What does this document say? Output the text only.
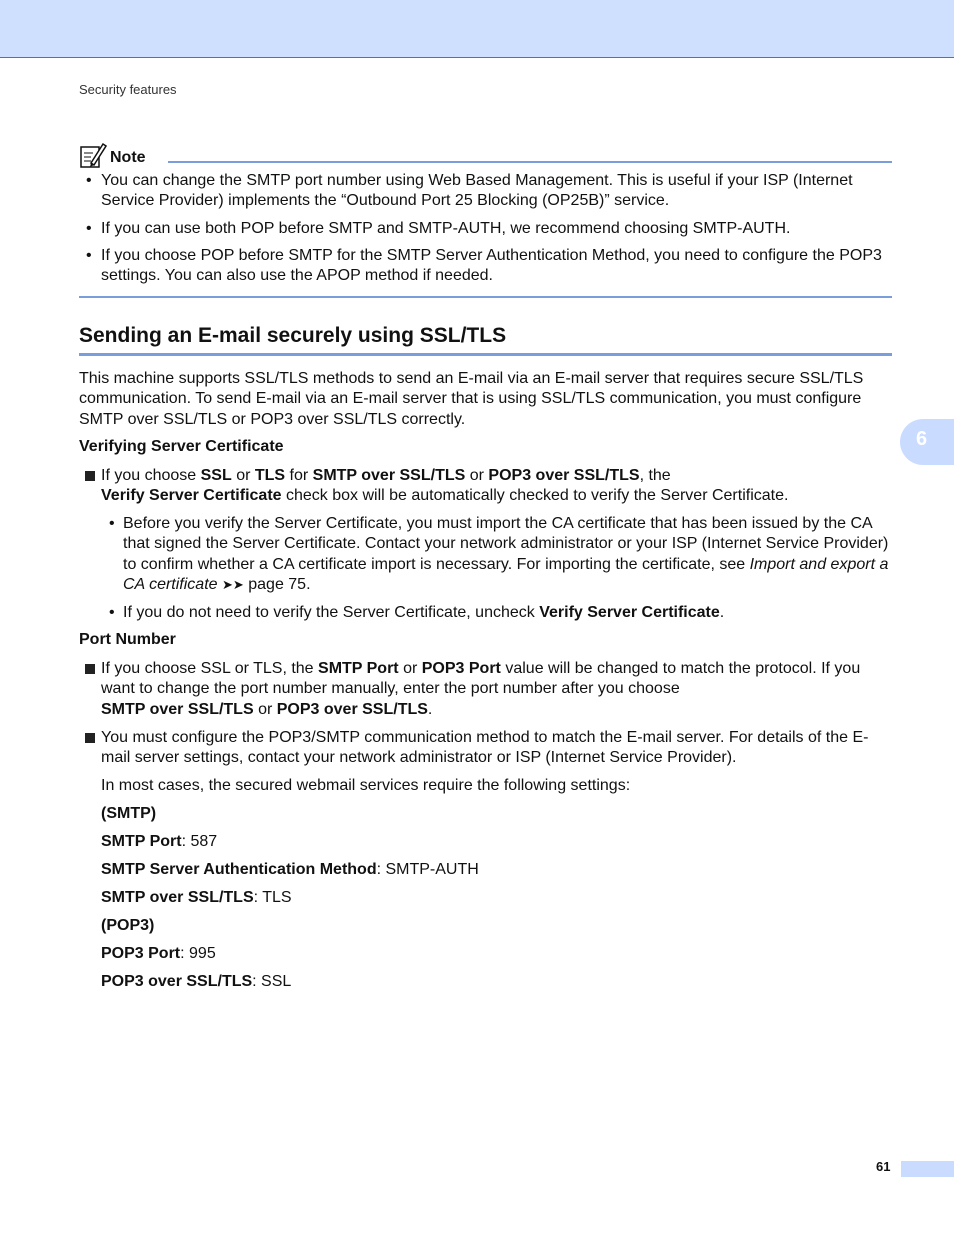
Security features
6
Note
• You can change the SMTP port number using Web Based Management. This is useful if your ISP (Internet Service Provider) implements the “Outbound Port 25 Blocking (OP25B)” service.
• If you can use both POP before SMTP and SMTP-AUTH, we recommend choosing SMTP-AUTH.
• If you choose POP before SMTP for the SMTP Server Authentication Method, you need to configure the POP3 settings. You can also use the APOP method if needed.
Sending an E-mail securely using SSL/TLS
This machine supports SSL/TLS methods to send an E-mail via an E-mail server that requires secure SSL/TLS communication. To send E-mail via an E-mail server that is using SSL/TLS communication, you must configure SMTP over SSL/TLS or POP3 over SSL/TLS correctly.
Verifying Server Certificate
If you choose SSL or TLS for SMTP over SSL/TLS or POP3 over SSL/TLS, the
Verify Server Certificate check box will be automatically checked to verify the Server Certificate.
• Before you verify the Server Certificate, you must import the CA certificate that has been issued by the CA that signed the Server Certificate. Contact your network administrator or your ISP (Internet Service Provider) to confirm whether a CA certificate import is necessary. For importing the certificate, see Import and export a CA certificate ➤➤ page 75.
• If you do not need to verify the Server Certificate, uncheck Verify Server Certificate.
Port Number
If you choose SSL or TLS, the SMTP Port or POP3 Port value will be changed to match the protocol. If you want to change the port number manually, enter the port number after you choose
SMTP over SSL/TLS or POP3 over SSL/TLS.
You must configure the POP3/SMTP communication method to match the E-mail server. For details of the E-mail server settings, contact your network administrator or ISP (Internet Service Provider).
In most cases, the secured webmail services require the following settings:
(SMTP)
SMTP Port: 587
SMTP Server Authentication Method: SMTP-AUTH
SMTP over SSL/TLS: TLS
(POP3)
POP3 Port: 995
POP3 over SSL/TLS: SSL
61
